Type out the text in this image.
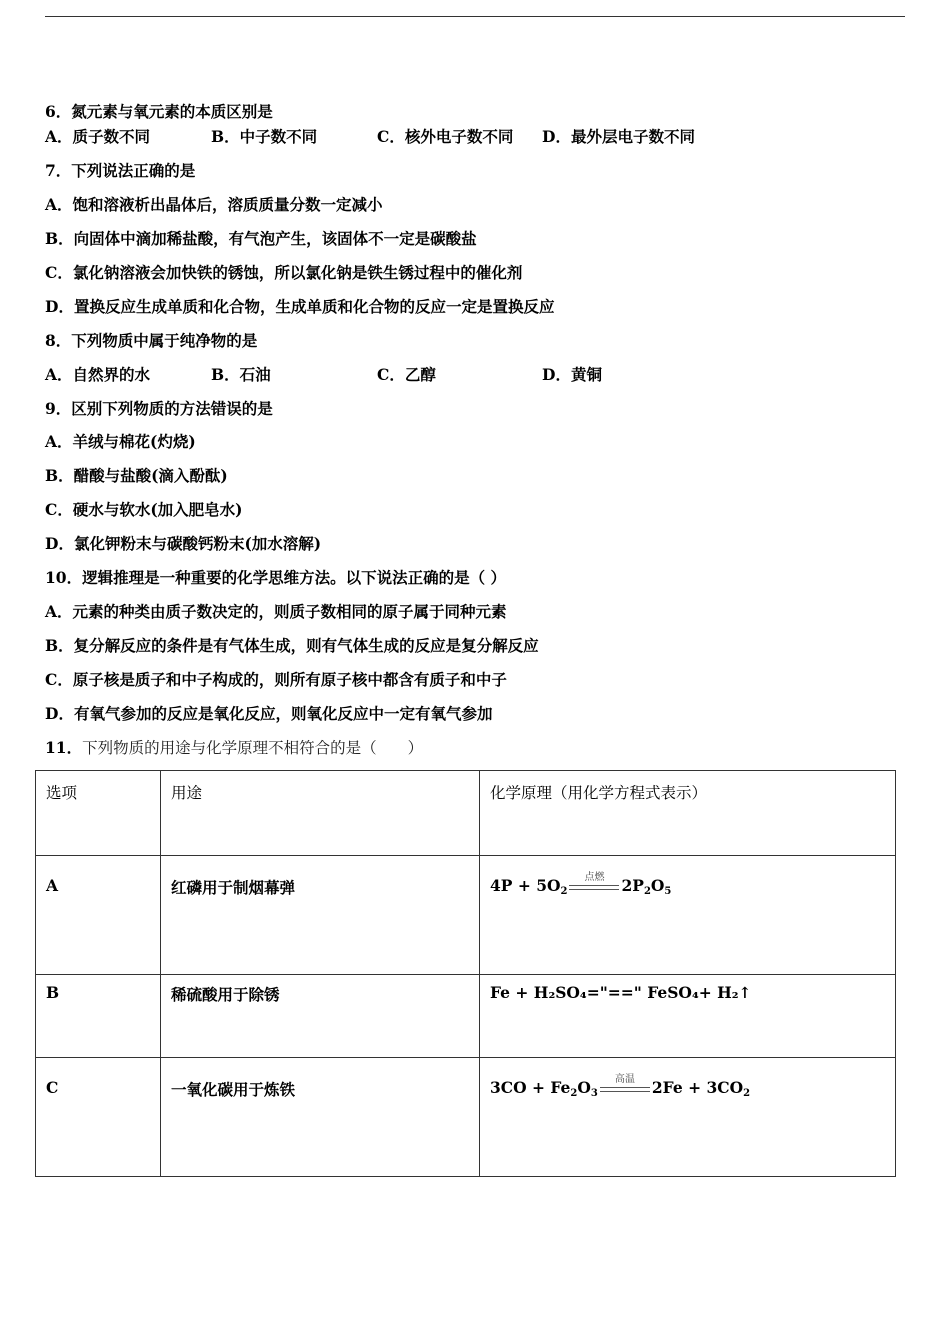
6．氮元素与氧元素的本质区别是
A．质子数不同	B．中子数不同	C．核外电子数不同 D．最外层电子数不同
7．下列说法正确的是
A．饱和溶液析出晶体后，溶质质量分数一定减小
B．向固体中滴加稀盐酸，有气泡产生，该固体不一定是碳酸盐
C．氯化钠溶液会加快铁的锈蚀，所以氯化钠是铁生锈过程中的催化剂
D．置换反应生成单质和化合物，生成单质和化合物的反应一定是置换反应
8．下列物质中属于纯净物的是
A．自然界的水	B．石油	C．乙醇	D．黄铜
9．区别下列物质的方法错误的是
A．羊绒与棉花(灼烧)
B．醋酸与盐酸(滴入酚酞)
C．硬水与软水(加入肥皂水)
D．氯化钾粉末与碳酸钙粉末(加水溶解)
10．逻辑推理是一种重要的化学思维方法。以下说法正确的是（ ）
A．元素的种类由质子数决定的，则质子数相同的原子属于同种元素
B．复分解反应的条件是有气体生成，则有气体生成的反应是复分解反应
C．原子核是质子和中子构成的，则所有原子核中都含有质子和中子
D．有氧气参加的反应是氧化反应，则氧化反应中一定有氧气参加
11．下列物质的用途与化学原理不相符合的是（　　）
选项	用途	化学原理（用化学方程式表示）
A	红磷用于制烟幕弹	$4P + 5O_2$
点燃 $2P_2O_5$
B	稀硫酸用于除锈	Fe + H₂SO₄="==" FeSO₄+ H₂↑
C	一氧化碳用于炼铁	$3CO + Fe_2O_3$
高温 $2Fe + 3CO_2$
